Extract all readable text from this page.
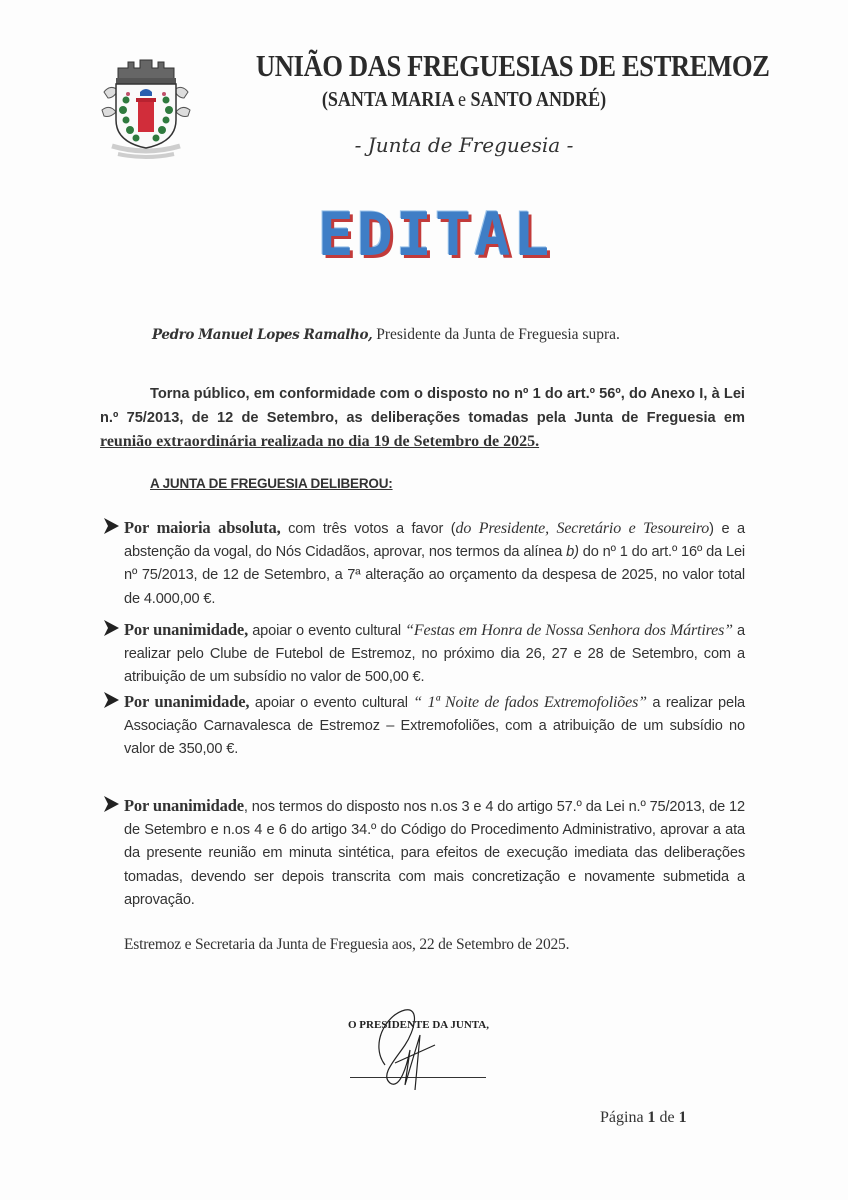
UNIÃO DAS FREGUESIAS DE ESTREMOZ
(SANTA MARIA e SANTO ANDRÉ)
- Junta de Freguesia -
EDITAL
Pedro Manuel Lopes Ramalho, Presidente da Junta de Freguesia supra.
Torna público, em conformidade com o disposto no nº 1 do art.º 56º, do Anexo I, à Lei n.º 75/2013, de 12 de Setembro, as deliberações tomadas pela Junta de Freguesia em reunião extraordinária realizada no dia 19 de Setembro de 2025.
A JUNTA DE FREGUESIA DELIBEROU:
Por maioria absoluta, com três votos a favor (do Presidente, Secretário e Tesoureiro) e a abstenção da vogal, do Nós Cidadãos, aprovar, nos termos da alínea b) do nº 1 do art.º 16º da Lei nº 75/2013, de 12 de Setembro, a 7ª alteração ao orçamento da despesa de 2025, no valor total de 4.000,00 €.
Por unanimidade, apoiar o evento cultural “Festas em Honra de Nossa Senhora dos Mártires” a realizar pelo Clube de Futebol de Estremoz, no próximo dia 26, 27 e 28 de Setembro, com a atribuição de um subsídio no valor de 500,00 €.
Por unanimidade, apoiar o evento cultural “ 1ª Noite de fados Extremofoliões” a realizar pela Associação Carnavalesca de Estremoz – Extremofoliões, com a atribuição de um subsídio no valor de 350,00 €.
Por unanimidade, nos termos do disposto nos n.os 3 e 4 do artigo 57.º da Lei n.º 75/2013, de 12 de Setembro e n.os 4 e 6 do artigo 34.º do Código do Procedimento Administrativo, aprovar a ata da presente reunião em minuta sintética, para efeitos de execução imediata das deliberações tomadas, devendo ser depois transcrita com mais concretização e novamente submetida a aprovação.
Estremoz e Secretaria da Junta de Freguesia aos, 22 de Setembro de 2025.
O PRESIDENTE DA JUNTA,
Página 1 de 1
